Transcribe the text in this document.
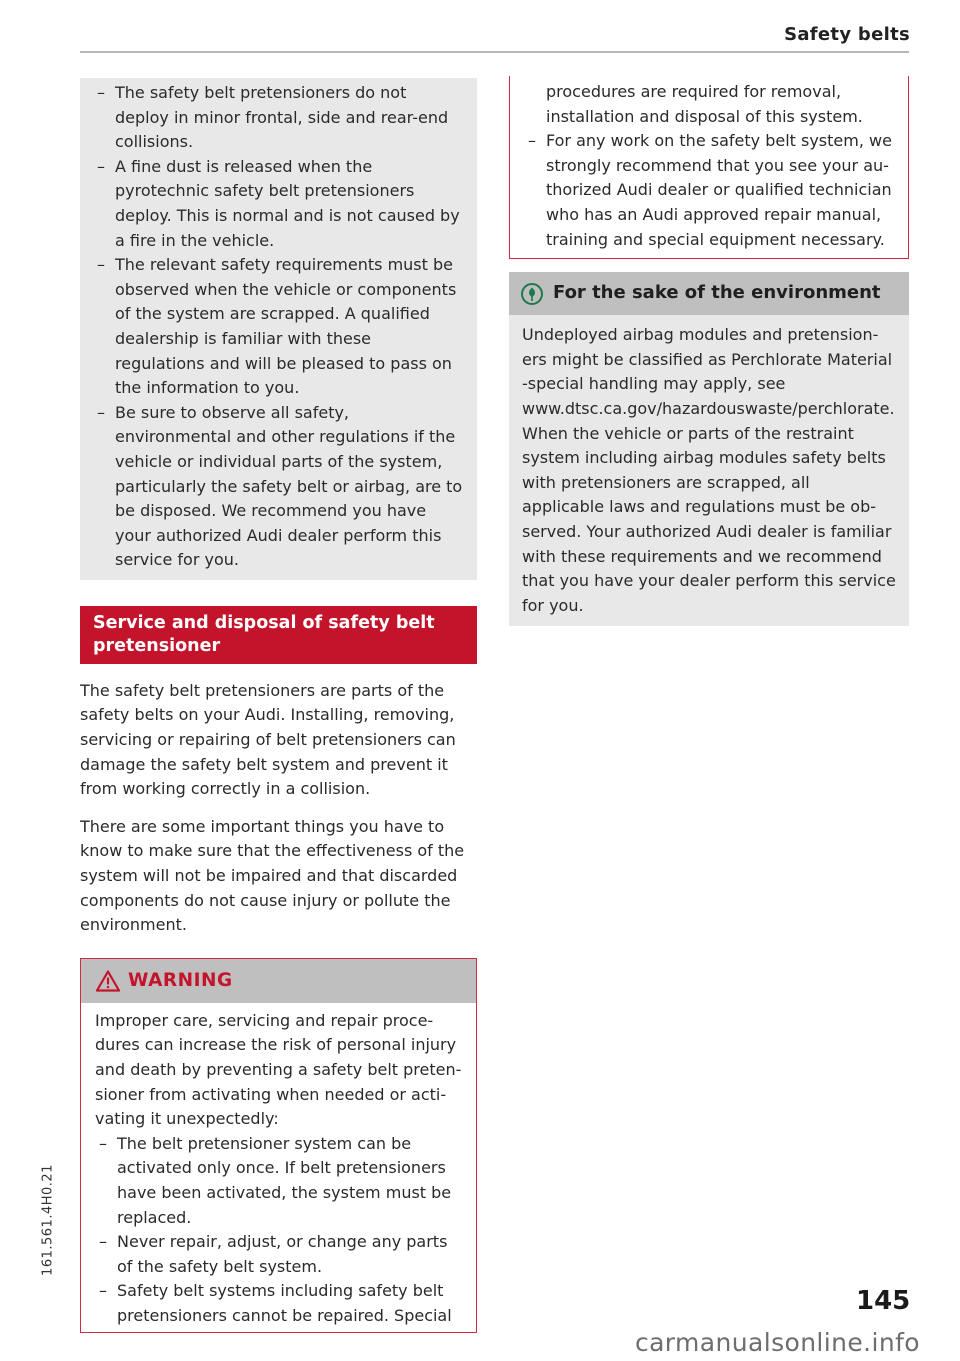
Safety belts
– The safety belt pretensioners do not deploy in minor frontal, side and rear-end collisions.
– A fine dust is released when the pyrotechnic safety belt pretensioners deploy. This is normal and is not caused by a fire in the vehicle.
– The relevant safety requirements must be observed when the vehicle or components of the system are scrapped. A qualified dealership is familiar with these regulations and will be pleased to pass on the information to you.
– Be sure to observe all safety, environmental and other regulations if the vehicle or individual parts of the system, particularly the safety belt or airbag, are to be disposed. We recommend you have your authorized Audi dealer perform this service for you.
Service and disposal of safety belt pretensioner

The safety belt pretensioners are parts of the safety belts on your Audi. Installing, removing, servicing or repairing of belt pretensioners can damage the safety belt system and prevent it from working correctly in a collision.

There are some important things you have to know to make sure that the effectiveness of the system will not be impaired and that discarded components do not cause injury or pollute the environment.

WARNING
Improper care, servicing and repair procedures can increase the risk of personal injury and death by preventing a safety belt pretensioner from activating when needed or activating it unexpectedly:
– The belt pretensioner system can be activated only once. If belt pretensioners have been activated, the system must be replaced.
– Never repair, adjust, or change any parts of the safety belt system.
– Safety belt systems including safety belt pretensioners cannot be repaired. Special
procedures are required for removal, installation and disposal of this system.
– For any work on the safety belt system, we strongly recommend that you see your authorized Audi dealer or qualified technician who has an Audi approved repair manual, training and special equipment necessary.
For the sake of the environment
Undeployed airbag modules and pretensioners might be classified as Perchlorate Material -special handling may apply, see www.dtsc.ca.gov/hazardouswaste/perchlorate. When the vehicle or parts of the restraint system including airbag modules safety belts with pretensioners are scrapped, all applicable laws and regulations must be observed. Your authorized Audi dealer is familiar with these requirements and we recommend that you have your dealer perform this service for you.
161.561.4H0.21
145
carmanualsonline.info
